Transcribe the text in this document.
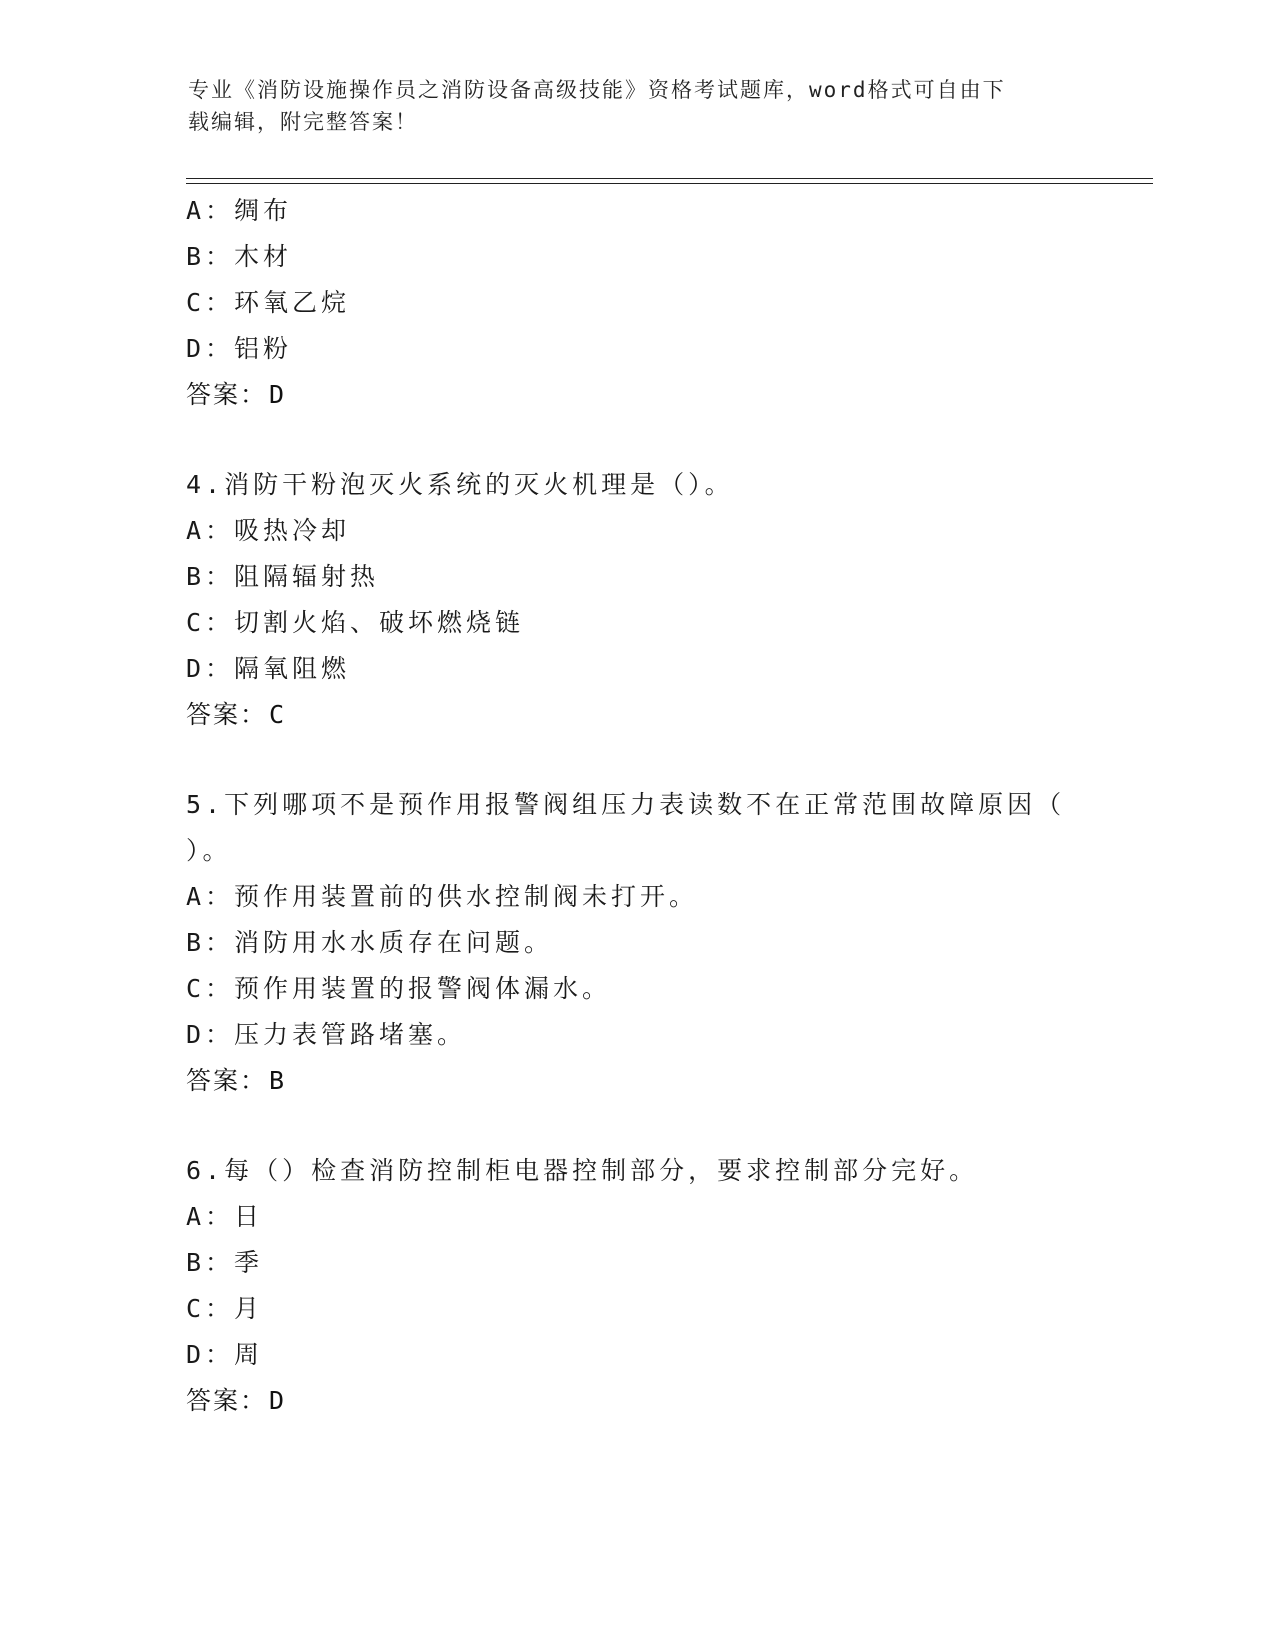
专业《消防设施操作员之消防设备高级技能》资格考试题库，word格式可自由下
载编辑，附完整答案！
A：绸布
B：木材
C：环氧乙烷
D：铝粉
答案：D
4.消防干粉泡灭火系统的灭火机理是（）。
A：吸热冷却
B：阻隔辐射热
C：切割火焰、破坏燃烧链
D：隔氧阻燃
答案：C
5.下列哪项不是预作用报警阀组压力表读数不在正常范围故障原因（
）。
A：预作用装置前的供水控制阀未打开。
B：消防用水水质存在问题。
C：预作用装置的报警阀体漏水。
D：压力表管路堵塞。
答案：B
6.每（）检查消防控制柜电器控制部分，要求控制部分完好。
A：日
B：季
C：月
D：周
答案：D
